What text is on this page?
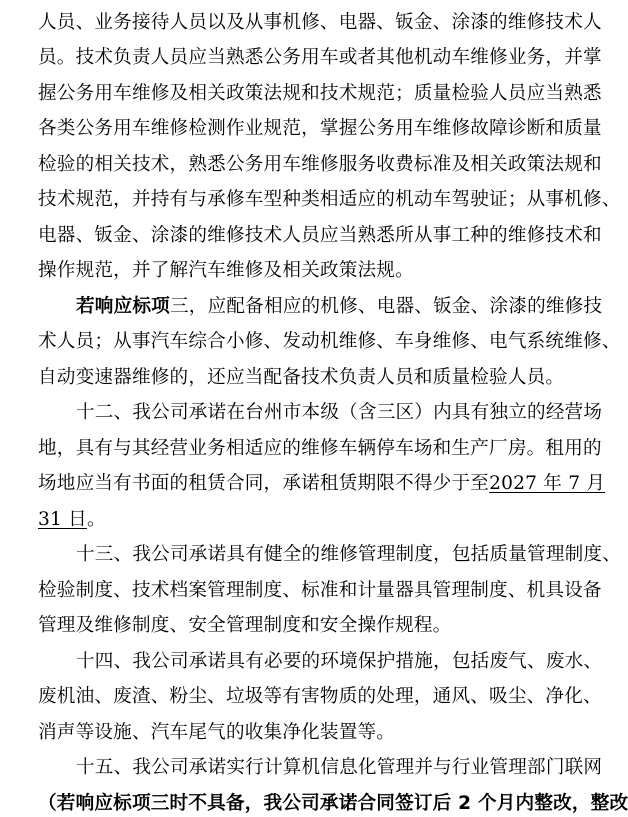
人员、业务接待人员以及从事机修、电器、钣金、涂漆的维修技术人
员。技术负责人员应当熟悉公务用车或者其他机动车维修业务，并掌
握公务用车维修及相关政策法规和技术规范；质量检验人员应当熟悉
各类公务用车维修检测作业规范，掌握公务用车维修故障诊断和质量
检验的相关技术，熟悉公务用车维修服务收费标准及相关政策法规和
技术规范，并持有与承修车型种类相适应的机动车驾驶证；从事机修、
电器、钣金、涂漆的维修技术人员应当熟悉所从事工种的维修技术和
操作规范，并了解汽车维修及相关政策法规。
若响应标项三，应配备相应的机修、电器、钣金、涂漆的维修技
术人员；从事汽车综合小修、发动机维修、车身维修、电气系统维修、
自动变速器维修的，还应当配备技术负责人员和质量检验人员。
十二、我公司承诺在台州市本级（含三区）内具有独立的经营场
地，具有与其经营业务相适应的维修车辆停车场和生产厂房。租用的
场地应当有书面的租赁合同，承诺租赁期限不得少于至2027 年 7 月
31 日。
十三、我公司承诺具有健全的维修管理制度，包括质量管理制度、
检验制度、技术档案管理制度、标准和计量器具管理制度、机具设备
管理及维修制度、安全管理制度和安全操作规程。
十四、我公司承诺具有必要的环境保护措施，包括废气、废水、
废机油、废渣、粉尘、垃圾等有害物质的处理，通风、吸尘、净化、
消声等设施、汽车尾气的收集净化装置等。
十五、我公司承诺实行计算机信息化管理并与行业管理部门联网
（若响应标项三时不具备，我公司承诺合同签订后 2 个月内整改，整改
